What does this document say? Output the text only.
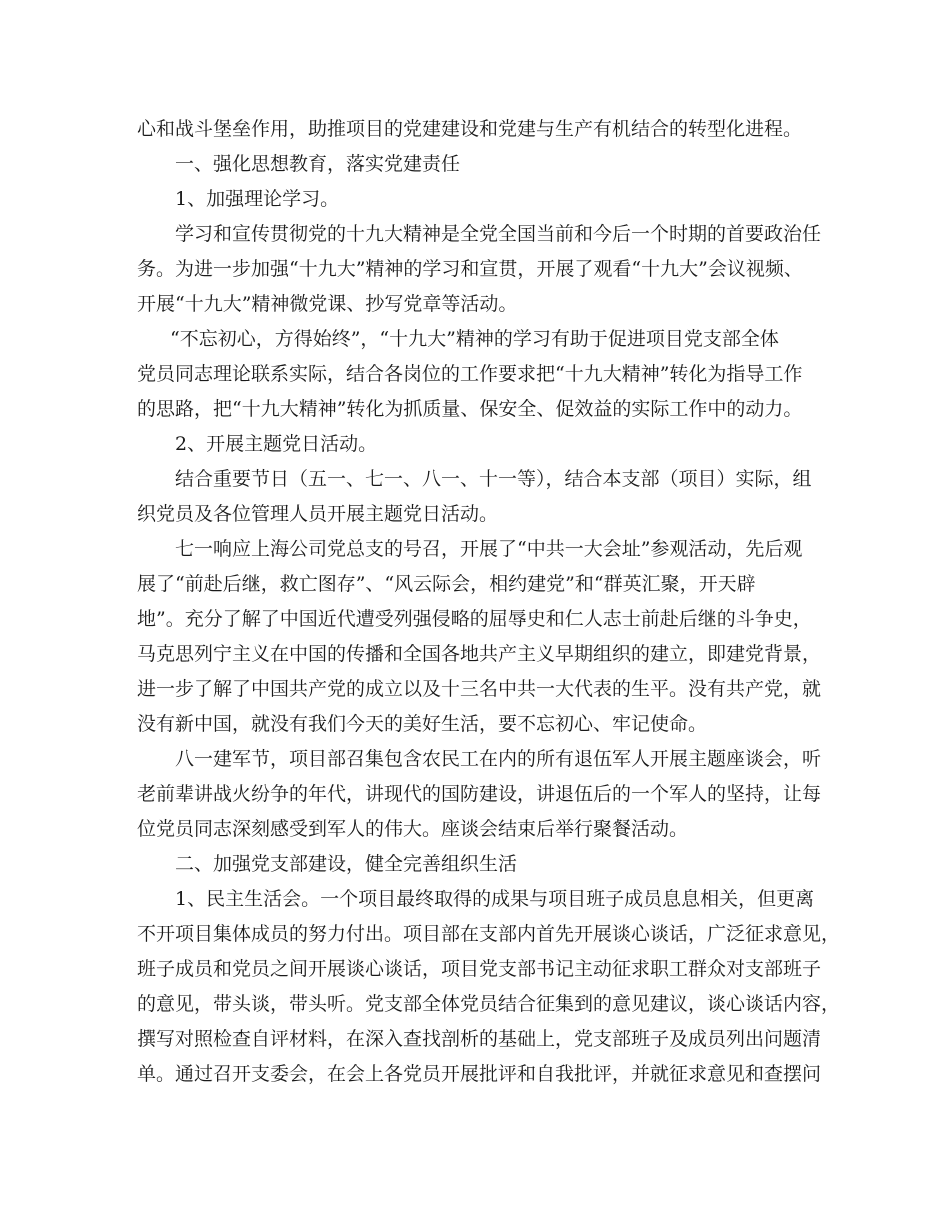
心和战斗堡垒作用，助推项目的党建建设和党建与生产有机结合的转型化进程。

一、强化思想教育，落实党建责任

1、加强理论学习。

学习和宣传贯彻党的十九大精神是全党全国当前和今后一个时期的首要政治任

务。为进一步加强“十九大”精神的学习和宣贯，开展了观看“十九大”会议视频、

开展“十九大”精神微党课、抄写党章等活动。

“不忘初心，方得始终”，“十九大”精神的学习有助于促进项目党支部全体

党员同志理论联系实际，结合各岗位的工作要求把“十九大精神”转化为指导工作

的思路，把“十九大精神”转化为抓质量、保安全、促效益的实际工作中的动力。

2、开展主题党日活动。

结合重要节日（五一、七一、八一、十一等），结合本支部（项目）实际，组

织党员及各位管理人员开展主题党日活动。

七一响应上海公司党总支的号召，开展了“中共一大会址”参观活动，先后观

展了“前赴后继，救亡图存”、“风云际会，相约建党”和“群英汇聚，开天辟

地”。充分了解了中国近代遭受列强侵略的屈辱史和仁人志士前赴后继的斗争史，

马克思列宁主义在中国的传播和全国各地共产主义早期组织的建立，即建党背景，

进一步了解了中国共产党的成立以及十三名中共一大代表的生平。没有共产党，就

没有新中国，就没有我们今天的美好生活，要不忘初心、牢记使命。

八一建军节，项目部召集包含农民工在内的所有退伍军人开展主题座谈会，听

老前辈讲战火纷争的年代，讲现代的国防建设，讲退伍后的一个军人的坚持，让每

位党员同志深刻感受到军人的伟大。座谈会结束后举行聚餐活动。

二、加强党支部建设，健全完善组织生活

1、民主生活会。一个项目最终取得的成果与项目班子成员息息相关，但更离

不开项目集体成员的努力付出。项目部在支部内首先开展谈心谈话，广泛征求意见，

班子成员和党员之间开展谈心谈话，项目党支部书记主动征求职工群众对支部班子

的意见，带头谈，带头听。党支部全体党员结合征集到的意见建议，谈心谈话内容，

撰写对照检查自评材料，在深入查找剖析的基础上，党支部班子及成员列出问题清

单。通过召开支委会，在会上各党员开展批评和自我批评，并就征求意见和查摆问
